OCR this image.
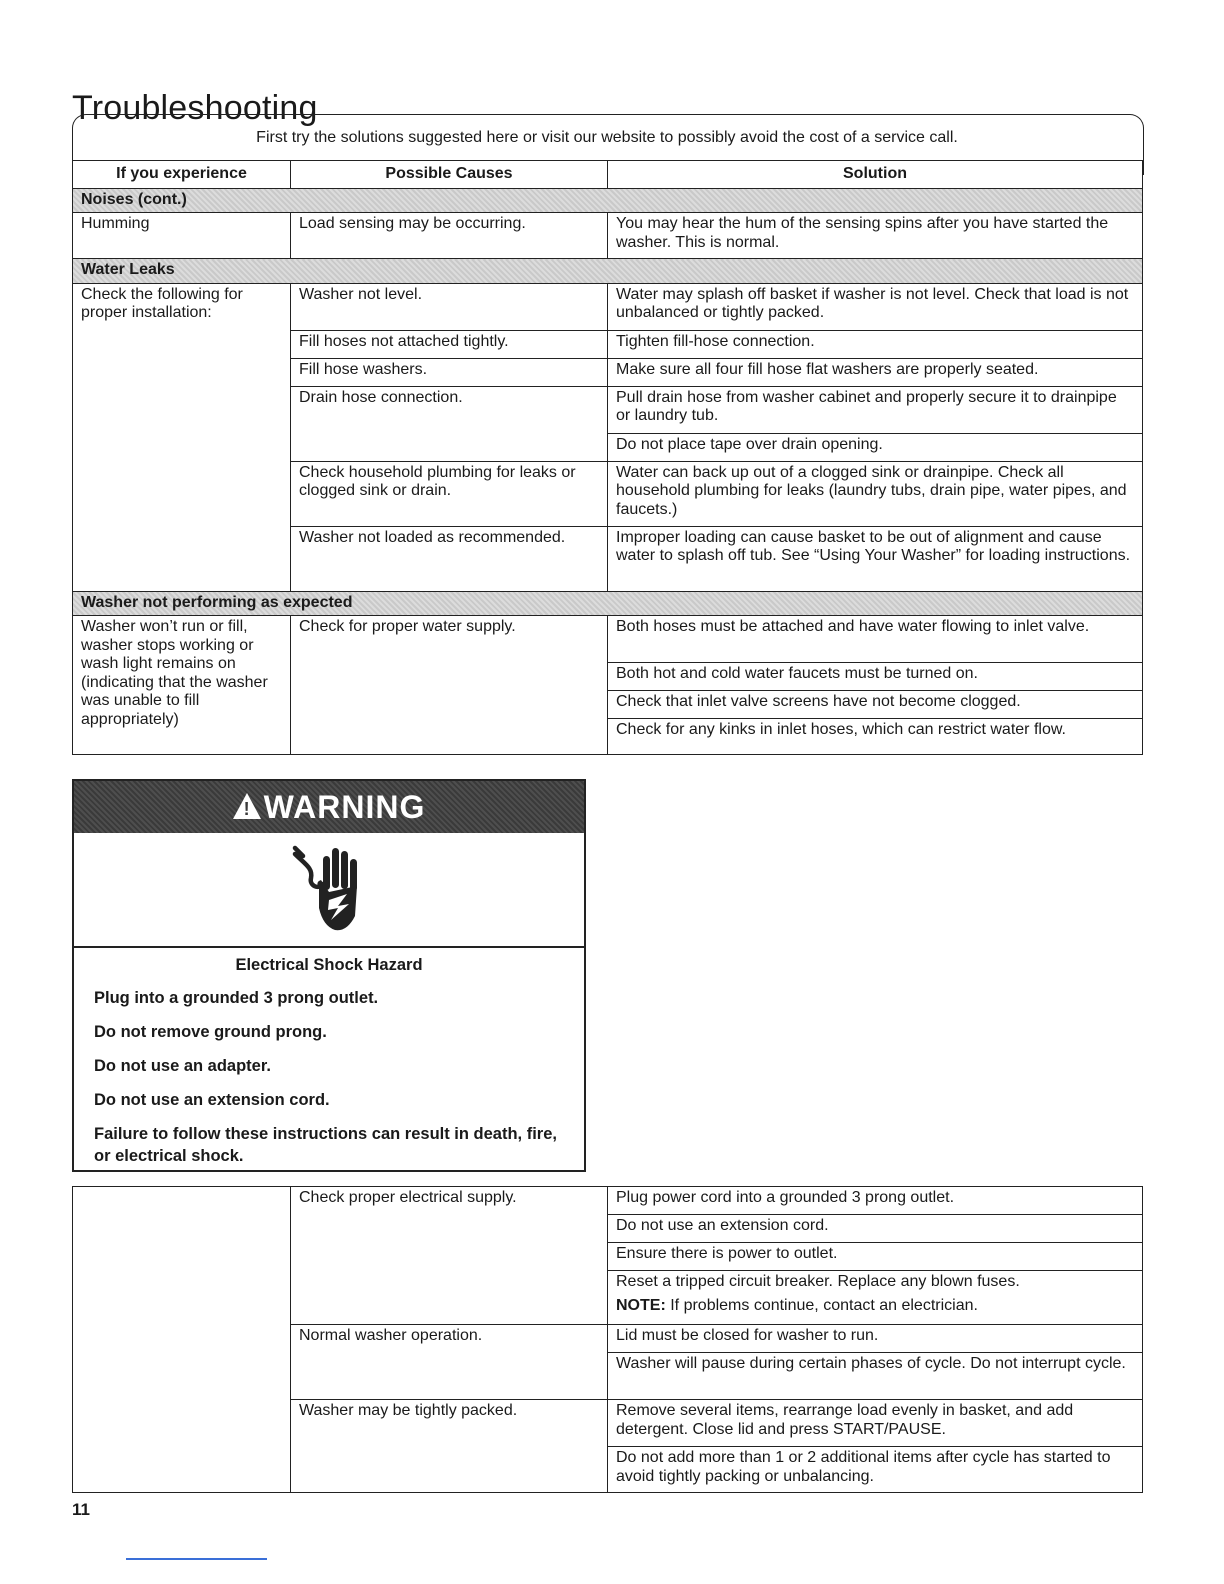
Troubleshooting
First try the solutions suggested here or visit our website to possibly avoid the cost of a service call.
If you experience	Possible Causes	Solution
Noises (cont.)		
Humming	Load sensing may be occurring.	You may hear the hum of the sensing spins after you have started the washer. This is normal.
Water Leaks		
Check the following for proper installation:	Washer not level.	Water may splash off basket if washer is not level. Check that load is not unbalanced or tightly packed.
	Fill hoses not attached tightly.	Tighten fill-hose connection.
	Fill hose washers.	Make sure all four fill hose flat washers are properly seated.
	Drain hose connection.	Pull drain hose from washer cabinet and properly secure it to drainpipe or laundry tub.
		Do not place tape over drain opening.
	Check household plumbing for leaks or clogged sink or drain.	Water can back up out of a clogged sink or drainpipe. Check all household plumbing for leaks (laundry tubs, drain pipe, water pipes, and faucets.)
	Washer not loaded as recommended.	Improper loading can cause basket to be out of alignment and cause water to splash off tub. See “Using Your Washer” for loading instructions.
Washer not performing as expected		
Washer won’t run or fill, washer stops working or wash light remains on (indicating that the washer was unable to fill appropriately)	Check for proper water supply.	Both hoses must be attached and have water flowing to inlet valve.
		Both hot and cold water faucets must be turned on.
		Check that inlet valve screens have not become clogged.
		Check for any kinks in inlet hoses, which can restrict water flow.
! WARNING
Electrical Shock Hazard

Plug into a grounded 3 prong outlet.

Do not remove ground prong.

Do not use an adapter.

Do not use an extension cord.

Failure to follow these instructions can result in death, fire, or electrical shock.

	Check proper electrical supply.	Plug power cord into a grounded 3 prong outlet.
		Do not use an extension cord.
		Ensure there is power to outlet.

		Reset a tripped circuit breaker. Replace any blown fuses.
NOTE: If problems continue, contact an electrician.

	Normal washer operation.	Lid must be closed for washer to run.
		Washer will pause during certain phases of cycle. Do not interrupt cycle.
	Washer may be tightly packed.	Remove several items, rearrange load evenly in basket, and add detergent. Close lid and press START/PAUSE.
		Do not add more than 1 or 2 additional items after cycle has started to avoid tightly packing or unbalancing.
11
